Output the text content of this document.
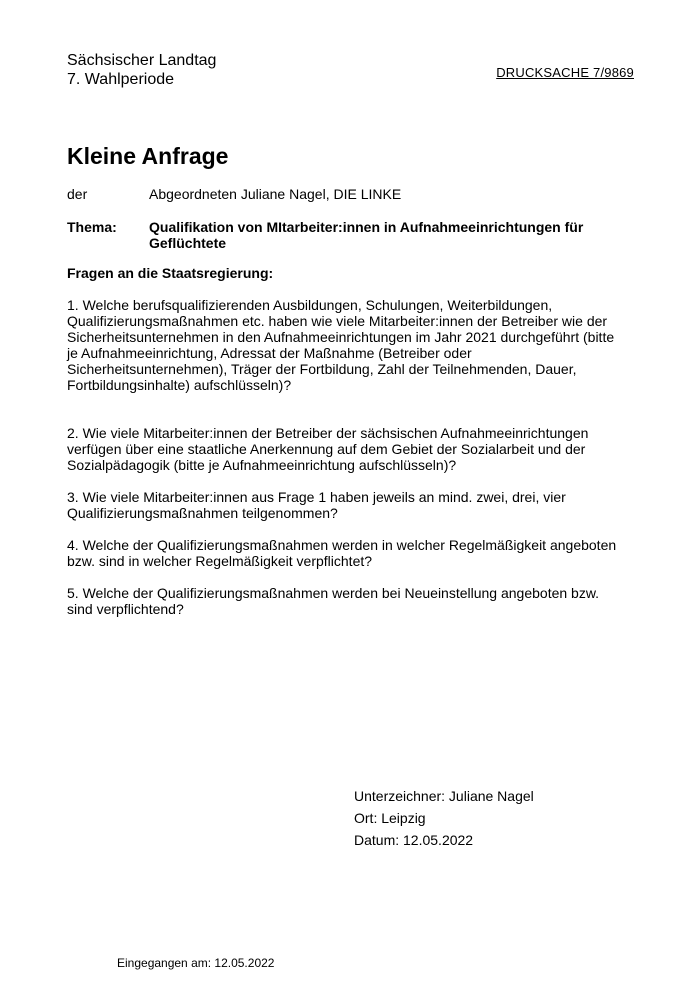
Sächsischer Landtag
7. Wahlperiode	DRUCKSACHE 7/9869
Kleine Anfrage
der	Abgeordneten Juliane Nagel, DIE LINKE
Thema: Qualifikation von MItarbeiter:innen in Aufnahmeeinrichtungen für Geflüchtete
Fragen an die Staatsregierung:

1. Welche berufsqualifizierenden Ausbildungen, Schulungen, Weiterbildungen, Qualifizierungsmaßnahmen etc. haben wie viele Mitarbeiter:innen der Betreiber wie der Sicherheitsunternehmen in den Aufnahmeeinrichtungen im Jahr 2021 durchgeführt (bitte je Aufnahmeeinrichtung, Adressat der Maßnahme (Betreiber oder Sicherheitsunternehmen), Träger der Fortbildung, Zahl der Teilnehmenden, Dauer, Fortbildungsinhalte) aufschlüsseln)?

2. Wie viele Mitarbeiter:innen der Betreiber der sächsischen Aufnahmeeinrichtungen verfügen über eine staatliche Anerkennung auf dem Gebiet der Sozialarbeit und der Sozialpädagogik (bitte je Aufnahmeeinrichtung aufschlüsseln)?

3. Wie viele Mitarbeiter:innen aus Frage 1 haben jeweils an mind. zwei, drei, vier Qualifizierungsmaßnahmen teilgenommen?

4. Welche der Qualifizierungsmaßnahmen werden in welcher Regelmäßigkeit angeboten bzw. sind in welcher Regelmäßigkeit verpflichtet?

5. Welche der Qualifizierungsmaßnahmen werden bei Neueinstellung angeboten bzw. sind verpflichtend?

Unterzeichner: Juliane Nagel
Ort: Leipzig
Datum: 12.05.2022
Eingegangen am: 12.05.2022
